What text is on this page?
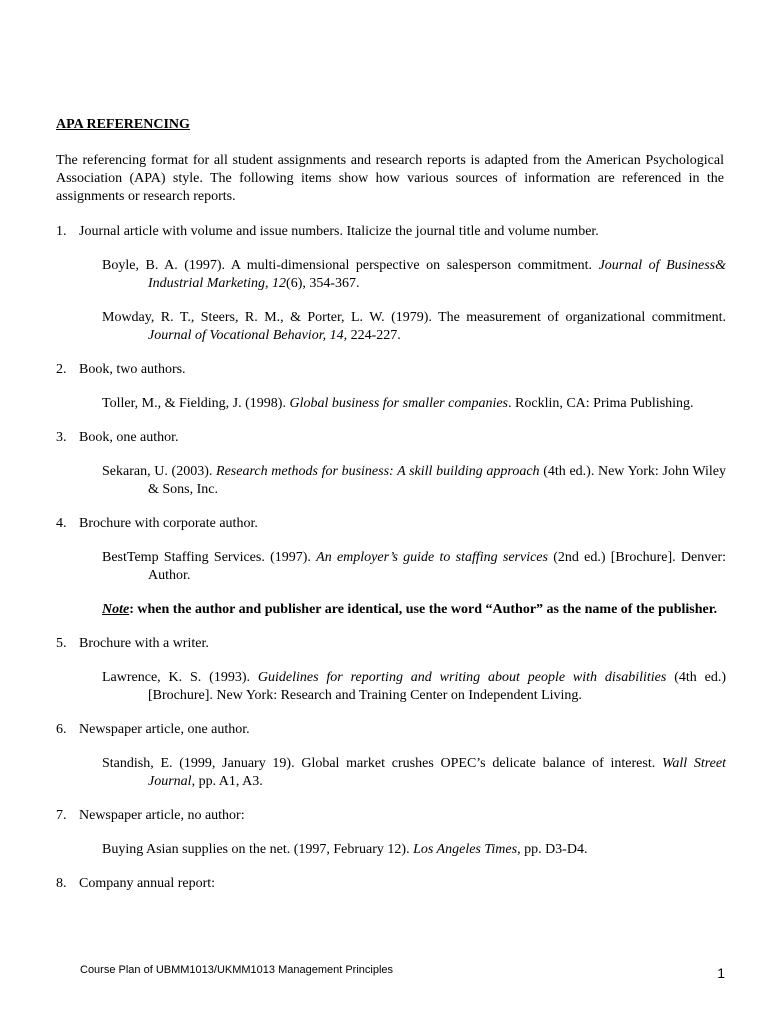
APA REFERENCING
The referencing format for all student assignments and research reports is adapted from the American Psychological Association (APA) style. The following items show how various sources of information are referenced in the assignments or research reports.
1. Journal article with volume and issue numbers. Italicize the journal title and volume number.
Boyle, B. A. (1997). A multi-dimensional perspective on salesperson commitment. Journal of Business& Industrial Marketing, 12(6), 354-367.
Mowday, R. T., Steers, R. M., & Porter, L. W. (1979). The measurement of organizational commitment. Journal of Vocational Behavior, 14, 224-227.
2. Book, two authors.
Toller, M., & Fielding, J. (1998). Global business for smaller companies. Rocklin, CA: Prima Publishing.
3. Book, one author.
Sekaran, U. (2003). Research methods for business: A skill building approach (4th ed.). New York: John Wiley & Sons, Inc.
4. Brochure with corporate author.
BestTemp Staffing Services. (1997). An employer’s guide to staffing services (2nd ed.) [Brochure]. Denver: Author.
Note: when the author and publisher are identical, use the word “Author” as the name of the publisher.
5. Brochure with a writer.
Lawrence, K. S. (1993). Guidelines for reporting and writing about people with disabilities (4th ed.) [Brochure]. New York: Research and Training Center on Independent Living.
6. Newspaper article, one author.
Standish, E. (1999, January 19). Global market crushes OPEC’s delicate balance of interest. Wall Street Journal, pp. A1, A3.
7. Newspaper article, no author:
Buying Asian supplies on the net. (1997, February 12). Los Angeles Times, pp. D3-D4.
8. Company annual report:
Course Plan of UBMM1013/UKMM1013 Management Principles	1
